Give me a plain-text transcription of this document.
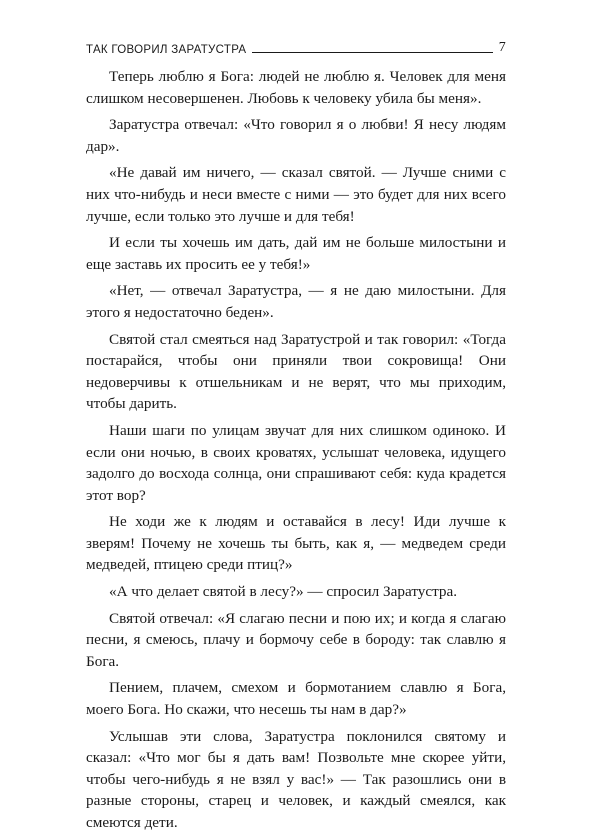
ТАК ГОВОРИЛ ЗАРАТУСТРА	7

Теперь люблю я Бога: людей не люблю я. Человек для меня слишком несовершенен. Любовь к человеку убила бы меня».

Заратустра отвечал: «Что говорил я о любви! Я несу людям дар».

«Не давай им ничего, — сказал святой. — Лучше сними с них что-нибудь и неси вместе с ними — это будет для них всего лучше, если только это лучше и для тебя!

И если ты хочешь им дать, дай им не больше милостыни и еще заставь их просить ее у тебя!»

«Нет, — отвечал Заратустра, — я не даю милостыни. Для этого я недостаточно беден».

Святой стал смеяться над Заратустрой и так говорил: «Тогда постарайся, чтобы они приняли твои сокровища! Они недоверчивы к отшельникам и не верят, что мы приходим, чтобы дарить.

Наши шаги по улицам звучат для них слишком одиноко. И если они ночью, в своих кроватях, услышат человека, идущего задолго до восхода солнца, они спрашивают себя: куда крадется этот вор?

Не ходи же к людям и оставайся в лесу! Иди лучше к зверям! Почему не хочешь ты быть, как я, — медведем среди медведей, птицею среди птиц?»

«А что делает святой в лесу?» — спросил Заратустра.

Святой отвечал: «Я слагаю песни и пою их; и когда я слагаю песни, я смеюсь, плачу и бормочу себе в бороду: так славлю я Бога.

Пением, плачем, смехом и бормотанием славлю я Бога, моего Бога. Но скажи, что несешь ты нам в дар?»

Услышав эти слова, Заратустра поклонился святому и сказал: «Что мог бы я дать вам! Позвольте мне скорее уйти, чтобы чего-нибудь я не взял у вас!» — Так разошлись они в разные стороны, старец и человек, и каждый смеялся, как смеются дети.
